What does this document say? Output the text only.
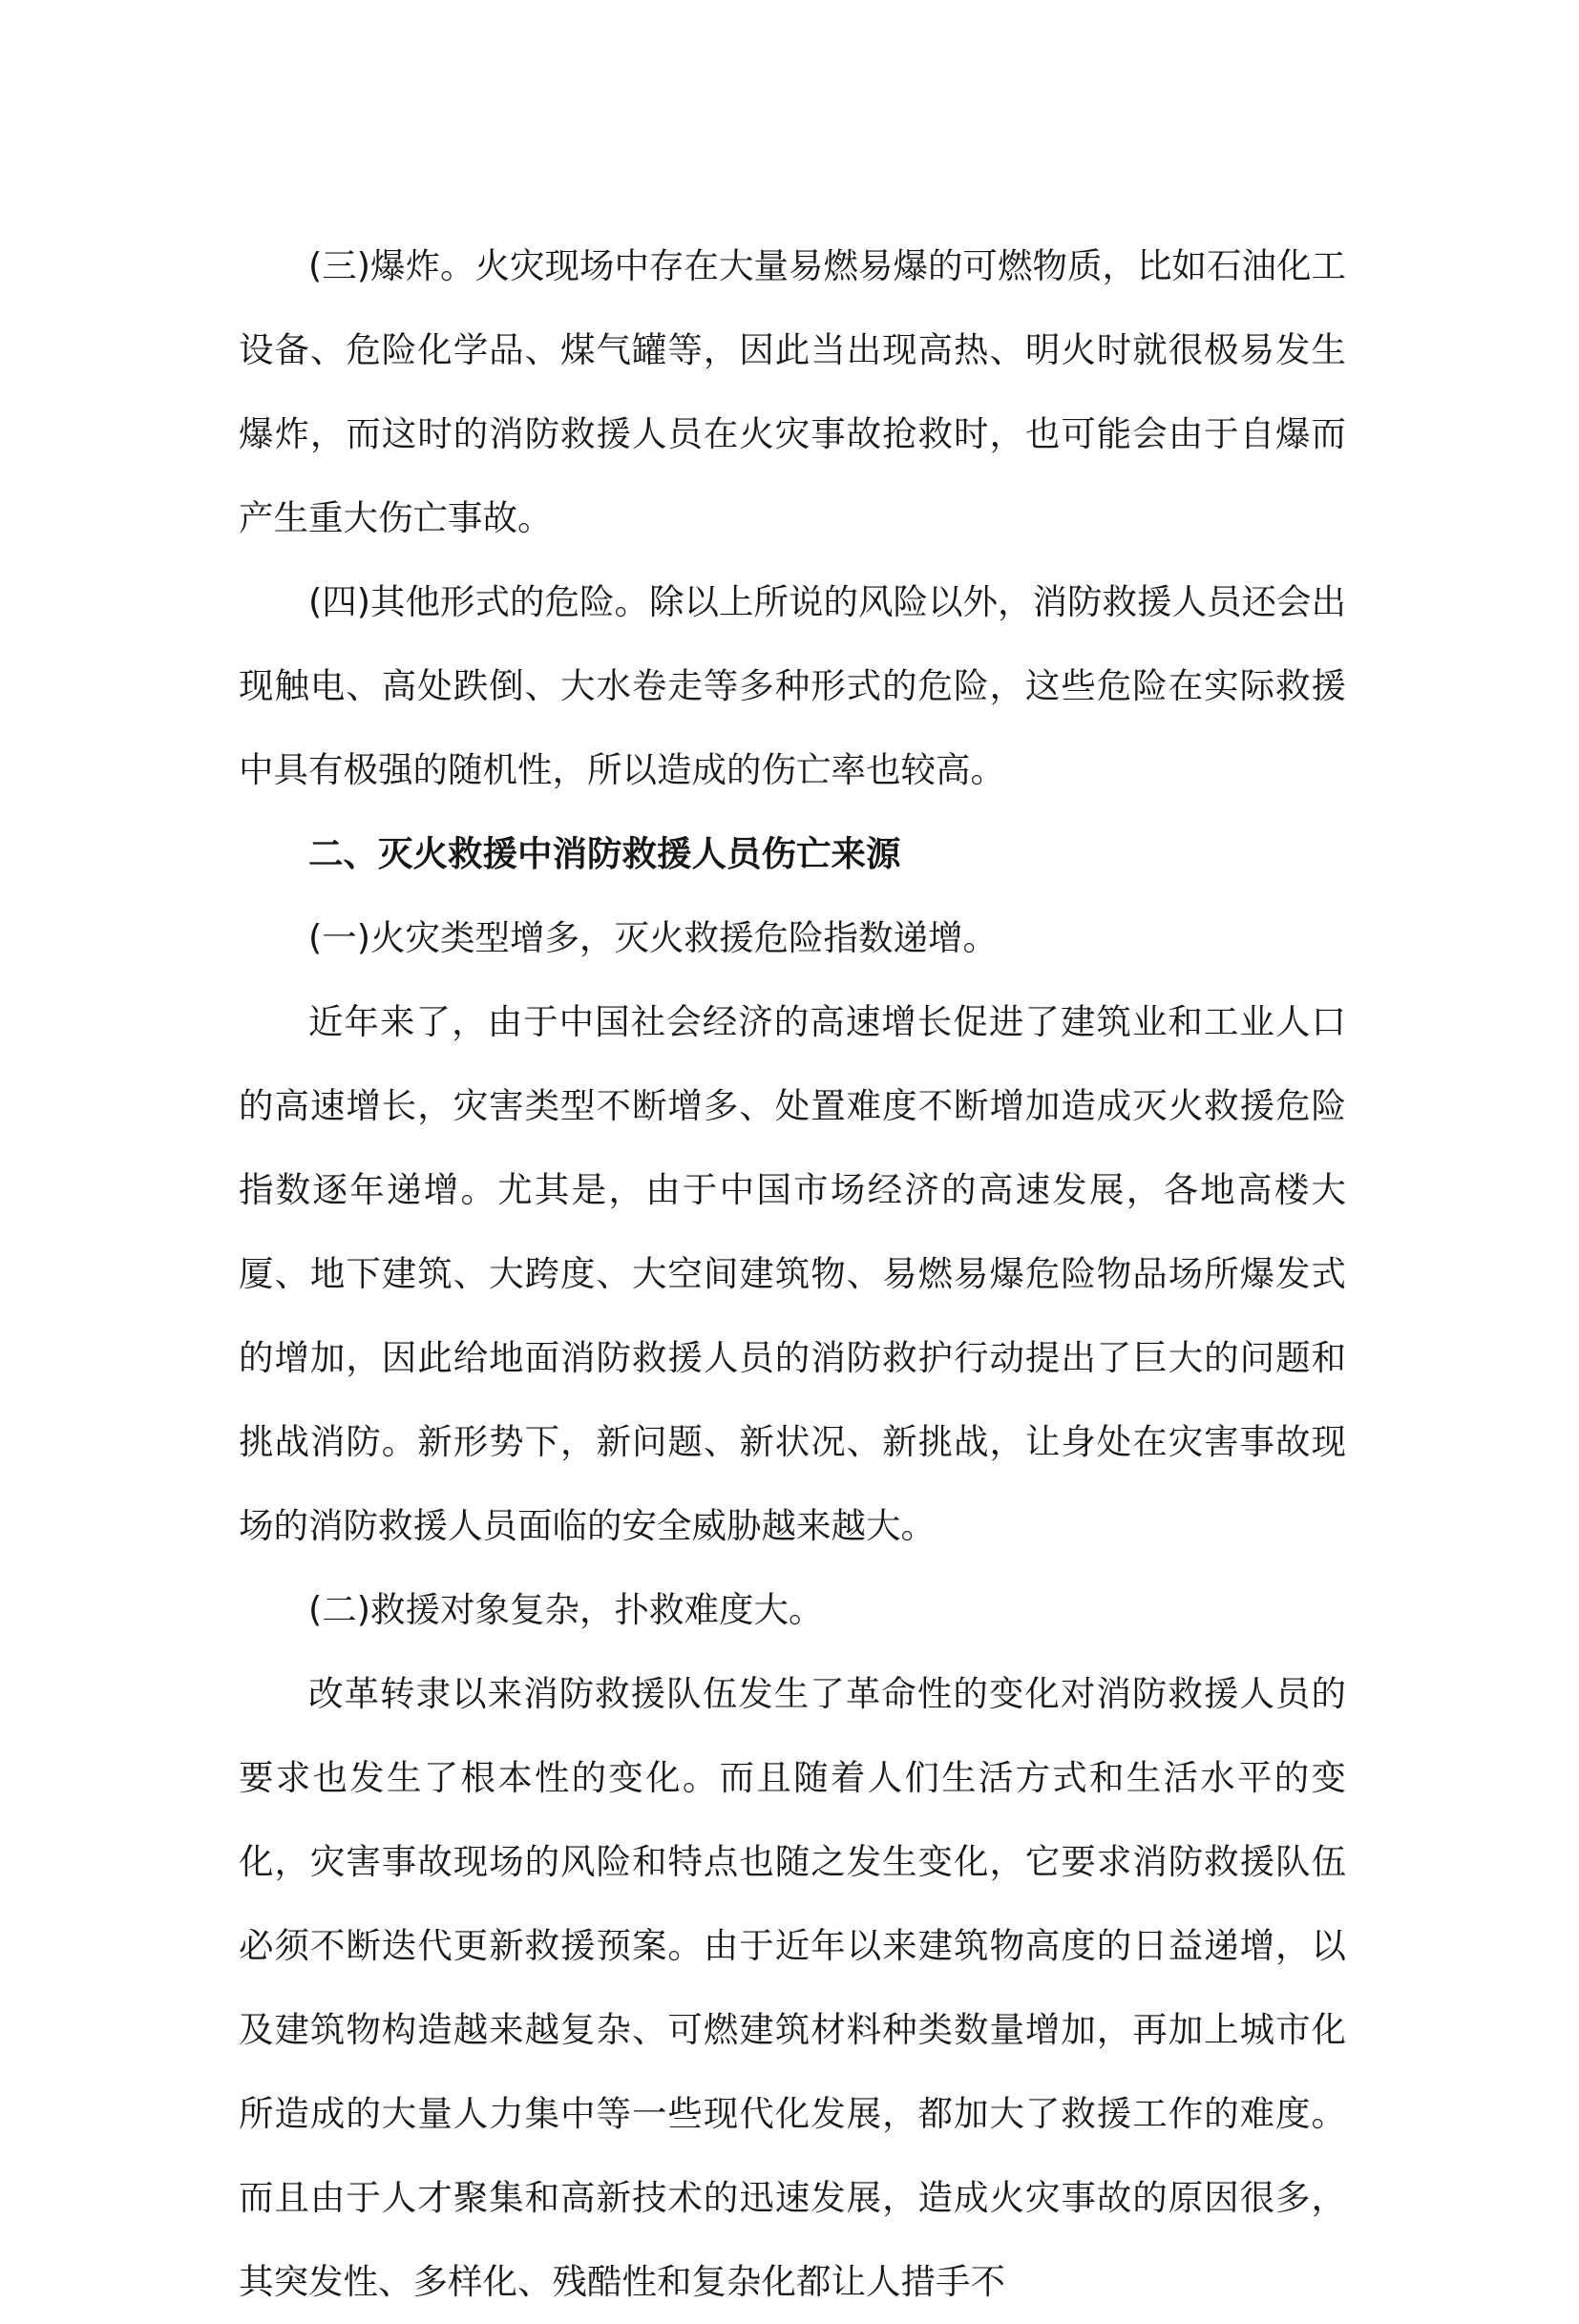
(三)爆炸。火灾现场中存在大量易燃易爆的可燃物质，比如石油化工设备、危险化学品、煤气罐等，因此当出现高热、明火时就很极易发生爆炸，而这时的消防救援人员在火灾事故抢救时，也可能会由于自爆而产生重大伤亡事故。

(四)其他形式的危险。除以上所说的风险以外，消防救援人员还会出现触电、高处跌倒、大水卷走等多种形式的危险，这些危险在实际救援中具有极强的随机性，所以造成的伤亡率也较高。

二、灭火救援中消防救援人员伤亡来源

(一)火灾类型增多，灭火救援危险指数递增。

近年来了，由于中国社会经济的高速增长促进了建筑业和工业人口的高速增长，灾害类型不断增多、处置难度不断增加造成灭火救援危险指数逐年递增。尤其是，由于中国市场经济的高速发展，各地高楼大厦、地下建筑、大跨度、大空间建筑物、易燃易爆危险物品场所爆发式的增加，因此给地面消防救援人员的消防救护行动提出了巨大的问题和挑战消防。新形势下，新问题、新状况、新挑战，让身处在灾害事故现场的消防救援人员面临的安全威胁越来越大。

(二)救援对象复杂，扑救难度大。

改革转隶以来消防救援队伍发生了革命性的变化对消防救援人员的要求也发生了根本性的变化。而且随着人们生活方式和生活水平的变化，灾害事故现场的风险和特点也随之发生变化，它要求消防救援队伍必须不断迭代更新救援预案。由于近年以来建筑物高度的日益递增，以及建筑物构造越来越复杂、可燃建筑材料种类数量增加，再加上城市化所造成的大量人力集中等一些现代化发展，都加大了救援工作的难度。而且由于人才聚集和高新技术的迅速发展，造成火灾事故的原因很多，其突发性、多样化、残酷性和复杂化都让人措手不
